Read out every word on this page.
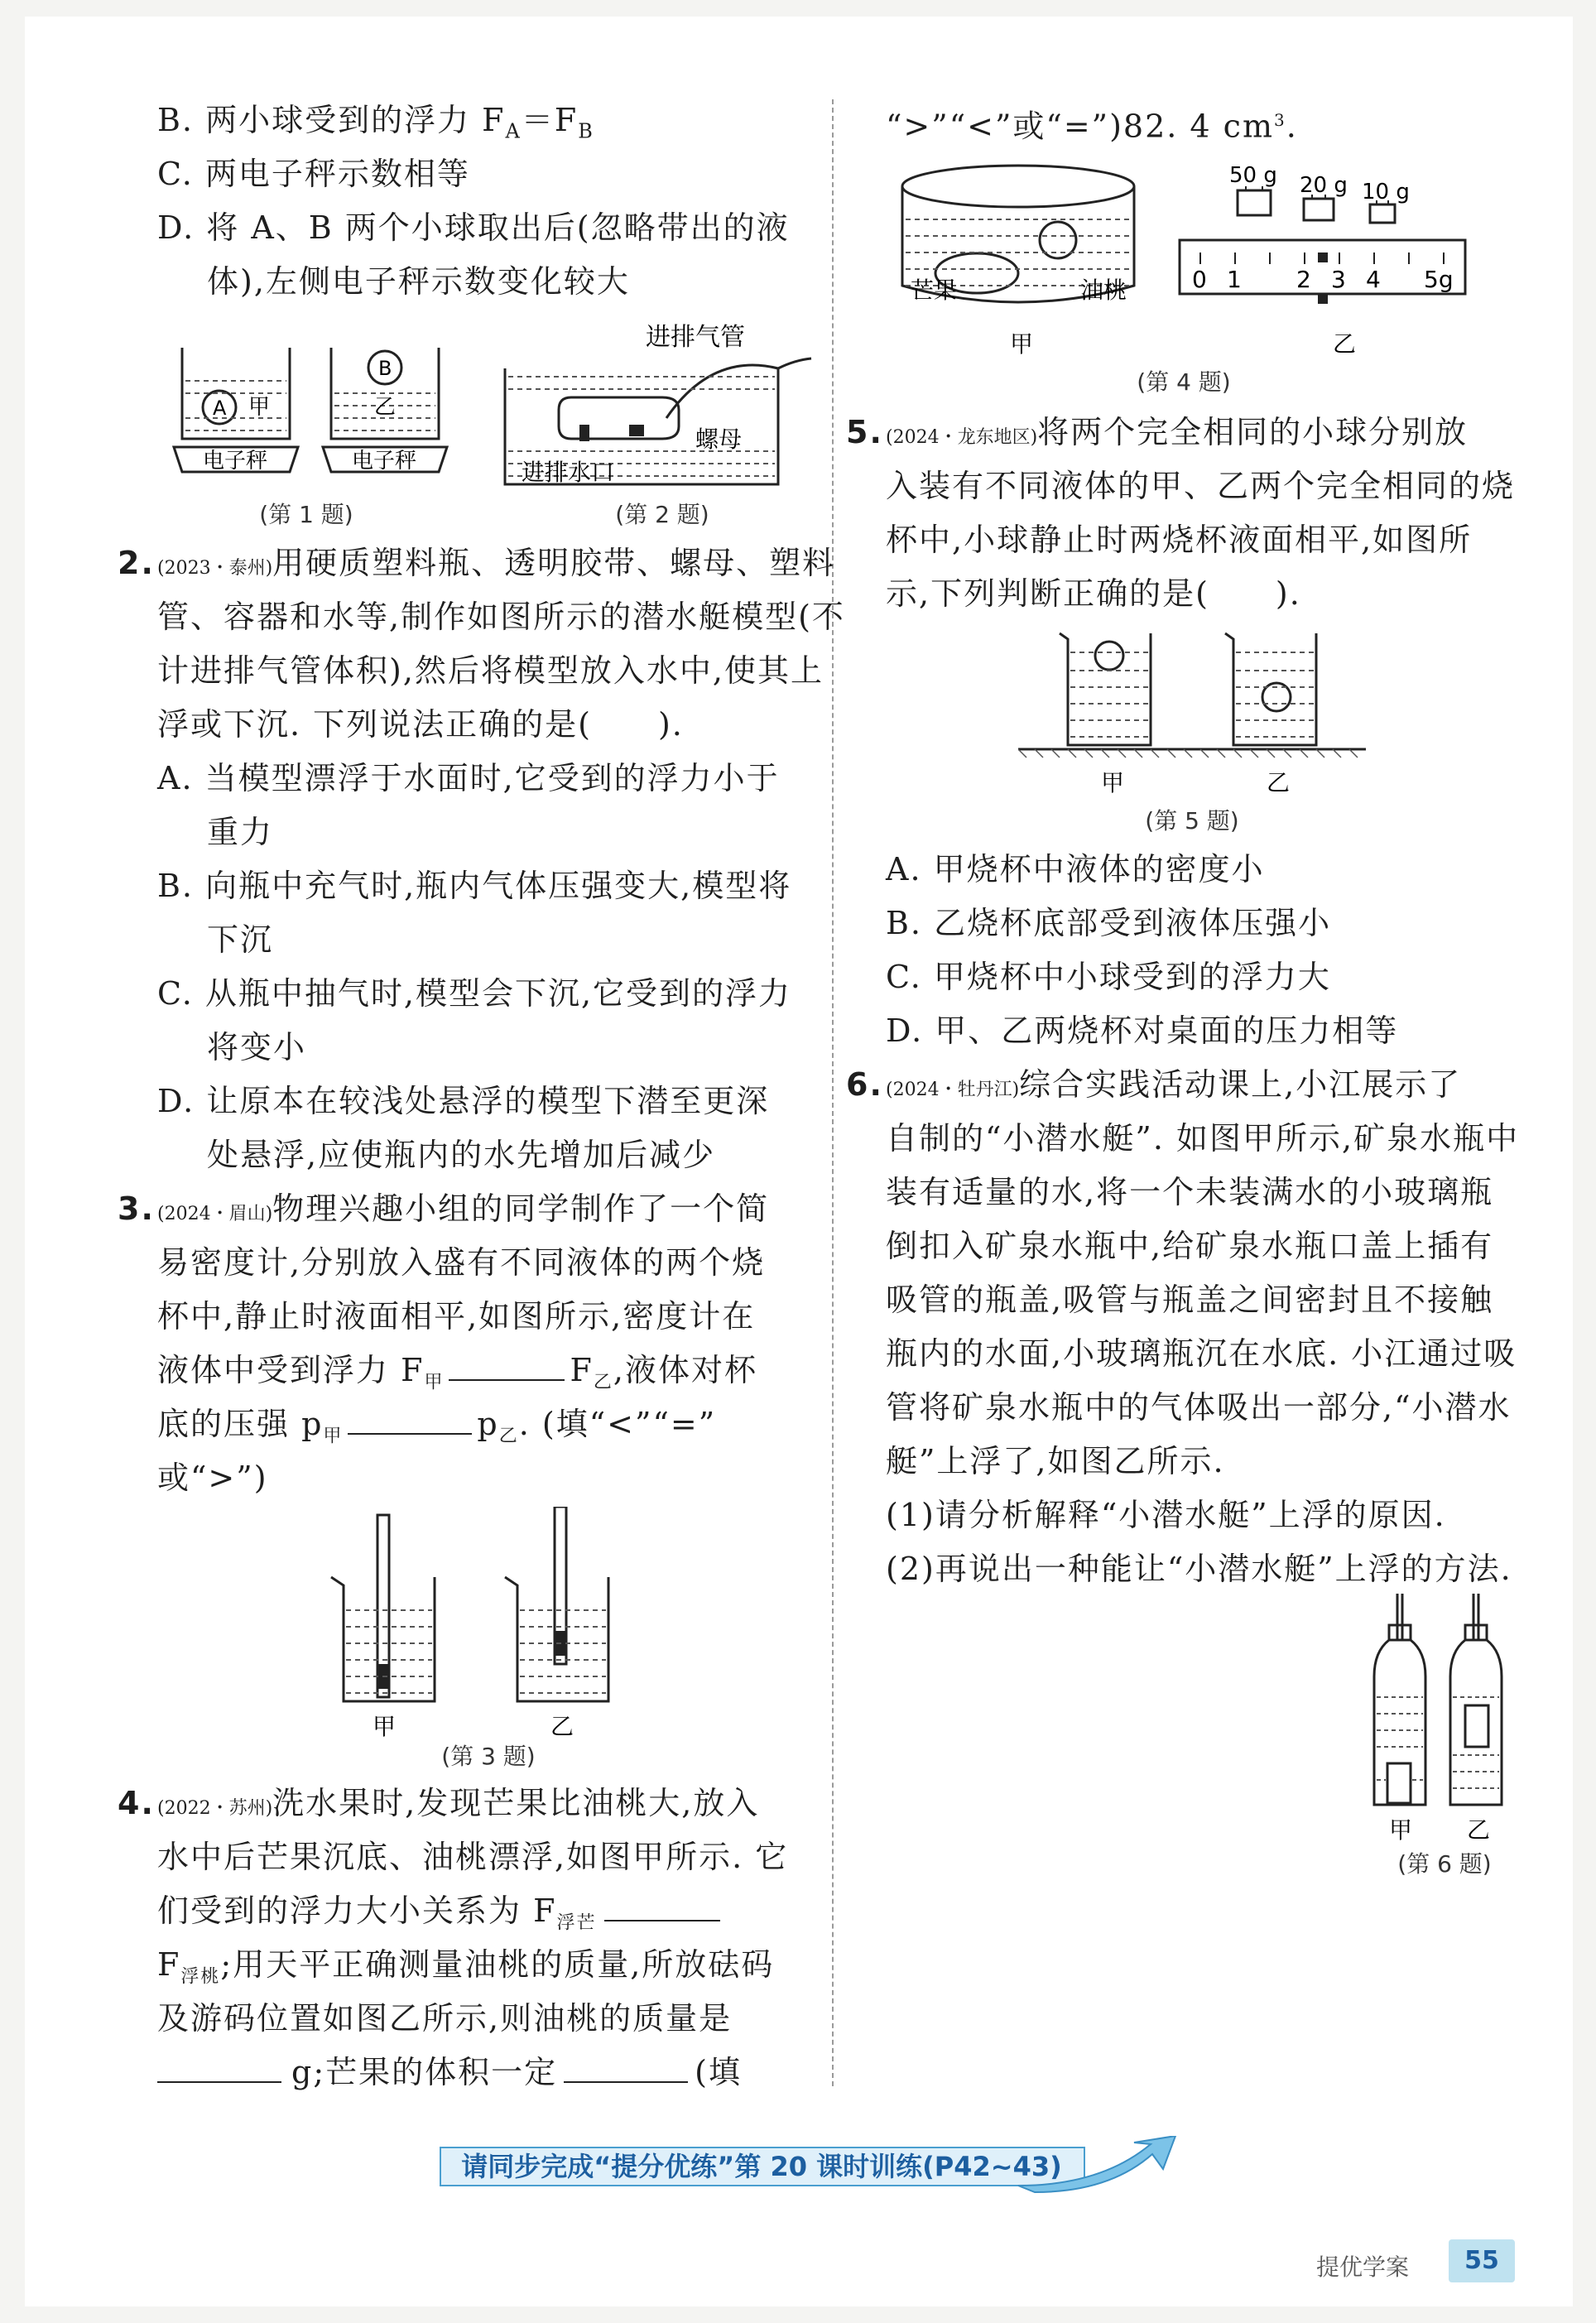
B. 两小球受到的浮力 $F_A=F_B$
C. 两电子秤示数相等
D. 将 A、B 两个小球取出后(忽略带出的液
体),左侧电子秤示数变化较大
A 甲
B
乙
电子秤	电子秤
进排气管
螺母
进排水口
(第 1 题)	(第 2 题)
2. (2023・泰州)用硬质塑料瓶、透明胶带、螺母、塑料
管、容器和水等,制作如图所示的潜水艇模型(不
计进排气管体积),然后将模型放入水中,使其上
浮或下沉. 下列说法正确的是(　　).
A. 当模型漂浮于水面时,它受到的浮力小于
重力
B. 向瓶中充气时,瓶内气体压强变大,模型将
下沉
C. 从瓶中抽气时,模型会下沉,它受到的浮力
将变小
D. 让原本在较浅处悬浮的模型下潜至更深
处悬浮,应使瓶内的水先增加后减少
3. (2024・眉山)物理兴趣小组的同学制作了一个简
易密度计,分别放入盛有不同液体的两个烧
杯中,静止时液面相平,如图所示,密度计在
液体中受到浮力 $F_甲$	$F_乙$,液体对杯
底的压强 $p_甲$	$p_乙$. (填“<”“=”
或“>”)
甲	乙
(第 3 题)
4. (2022・苏州)洗水果时,发现芒果比油桃大,放入
水中后芒果沉底、油桃漂浮,如图甲所示. 它
们受到的浮力大小关系为 $F_{浮芒}$
$F_{浮桃}$;用天平正确测量油桃的质量,所放砝码
及游码位置如图乙所示,则油桃的质量是
g;芒果的体积一定	(填
“>”“<”或“=”)82. 4 $cm^3$.
芒果	油桃
50 g 20 g 10 g
0 1 2 3 4 5g
甲	乙
(第 4 题)
5. (2024・龙东地区)将两个完全相同的小球分别放
入装有不同液体的甲、乙两个完全相同的烧
杯中,小球静止时两烧杯液面相平,如图所
示,下列判断正确的是(　　).
甲	乙
(第 5 题)
A. 甲烧杯中液体的密度小
B. 乙烧杯底部受到液体压强小
C. 甲烧杯中小球受到的浮力大
D. 甲、乙两烧杯对桌面的压力相等
6. (2024・牡丹江)综合实践活动课上,小江展示了
自制的“小潜水艇”. 如图甲所示,矿泉水瓶中
装有适量的水,将一个未装满水的小玻璃瓶
倒扣入矿泉水瓶中,给矿泉水瓶口盖上插有
吸管的瓶盖,吸管与瓶盖之间密封且不接触
瓶内的水面,小玻璃瓶沉在水底. 小江通过吸
管将矿泉水瓶中的气体吸出一部分,“小潜水
艇”上浮了,如图乙所示.
(1)请分析解释“小潜水艇”上浮的原因.
(2)再说出一种能让“小潜水艇”上浮的方法.
甲 乙
(第 6 题)
请同步完成“提分优练”第 20 课时训练(P42~43)
提优学案	55
